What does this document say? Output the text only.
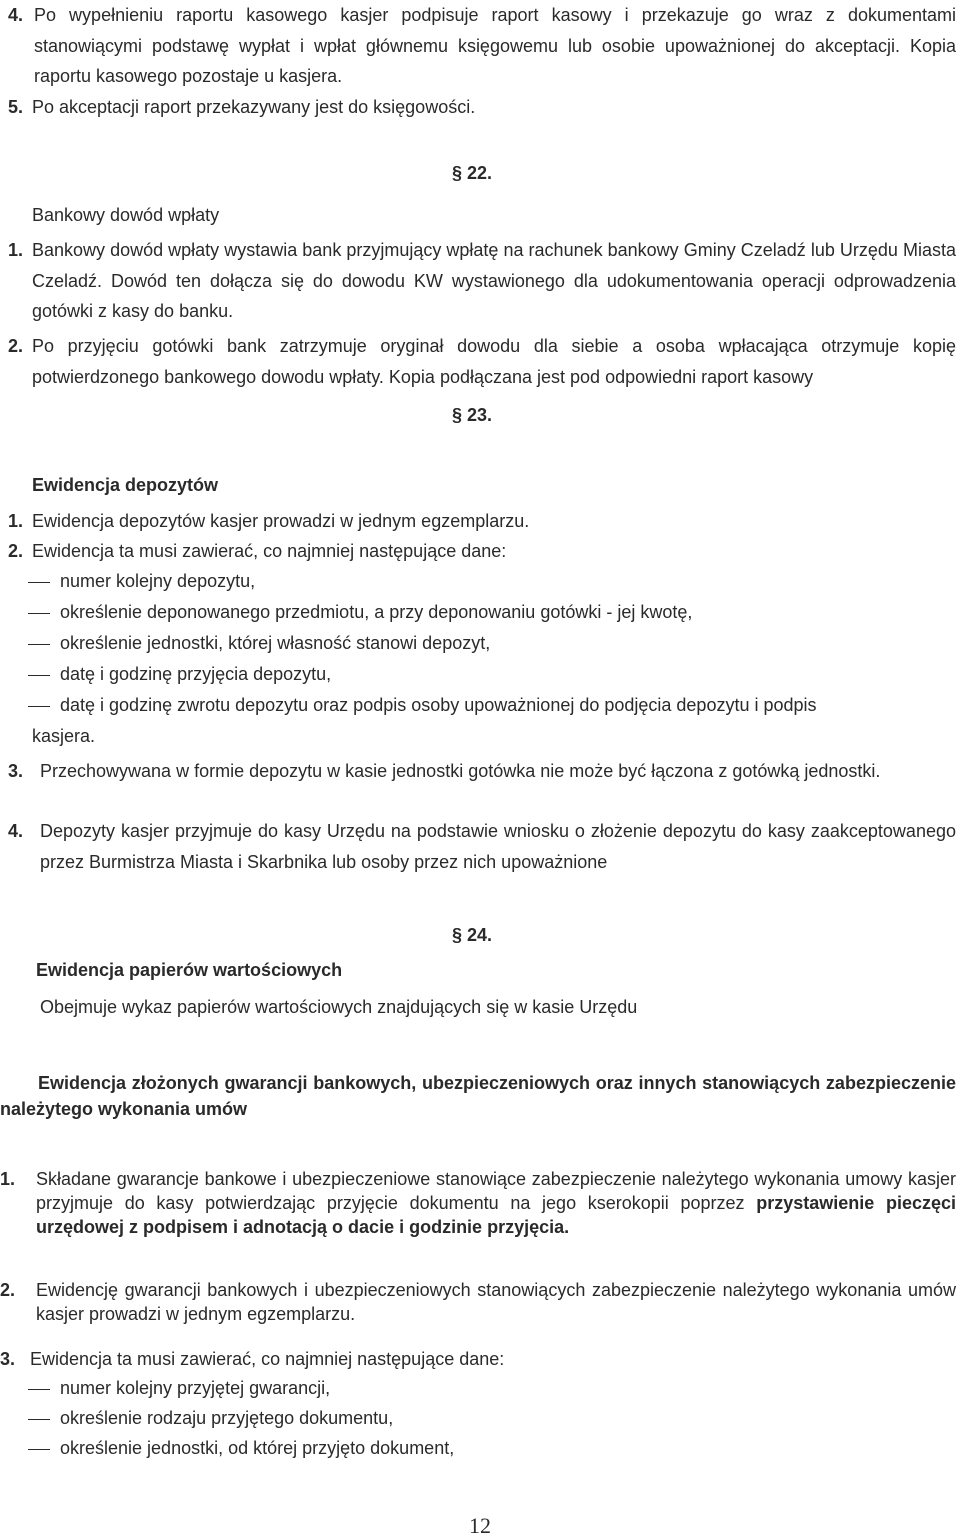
4. Po wypełnieniu raportu kasowego kasjer podpisuje raport kasowy i przekazuje go wraz z dokumentami stanowiącymi podstawę wypłat i wpłat głównemu księgowemu lub osobie upoważnionej do akceptacji. Kopia raportu kasowego pozostaje u kasjera.
5. Po akceptacji raport przekazywany jest do księgowości.
§ 22.
Bankowy dowód wpłaty
1. Bankowy dowód wpłaty wystawia bank przyjmujący wpłatę na rachunek bankowy Gminy Czeladź lub Urzędu Miasta Czeladź. Dowód ten dołącza się do dowodu KW wystawionego dla udokumentowania operacji odprowadzenia gotówki z kasy do banku.
2. Po przyjęciu gotówki bank zatrzymuje oryginał dowodu dla siebie a osoba wpłacająca otrzymuje kopię potwierdzonego bankowego dowodu wpłaty. Kopia podłączana jest pod odpowiedni raport kasowy
§ 23.
Ewidencja depozytów
1. Ewidencja depozytów kasjer prowadzi w jednym egzemplarzu.
2. Ewidencja ta musi zawierać, co najmniej następujące dane:
numer kolejny depozytu,
określenie deponowanego przedmiotu, a przy deponowaniu gotówki - jej kwotę,
określenie jednostki, której własność stanowi depozyt,
datę i godzinę przyjęcia depozytu,
datę i godzinę zwrotu depozytu oraz podpis osoby upoważnionej do podjęcia depozytu i podpis
kasjera.
3. Przechowywana w formie depozytu w kasie jednostki gotówka nie może być łączona z gotówką jednostki.
4. Depozyty kasjer przyjmuje do kasy Urzędu na podstawie wniosku o złożenie depozytu do kasy zaakceptowanego przez Burmistrza Miasta i Skarbnika lub osoby przez nich upoważnione
§ 24.
Ewidencja papierów wartościowych
Obejmuje wykaz papierów wartościowych znajdujących się w kasie Urzędu
Ewidencja złożonych gwarancji bankowych, ubezpieczeniowych oraz innych stanowiących zabezpieczenie należytego wykonania umów
1. Składane gwarancje bankowe i ubezpieczeniowe stanowiące zabezpieczenie należytego wykonania umowy kasjer przyjmuje do kasy potwierdzając przyjęcie dokumentu na jego kserokopii poprzez przystawienie pieczęci urzędowej z podpisem i adnotacją o dacie i godzinie przyjęcia.
2. Ewidencję gwarancji bankowych i ubezpieczeniowych stanowiących zabezpieczenie należytego wykonania umów kasjer prowadzi w jednym egzemplarzu.
3. Ewidencja ta musi zawierać, co najmniej następujące dane:
numer kolejny przyjętej gwarancji,
określenie rodzaju przyjętego dokumentu,
określenie jednostki, od której przyjęto dokument,
12
